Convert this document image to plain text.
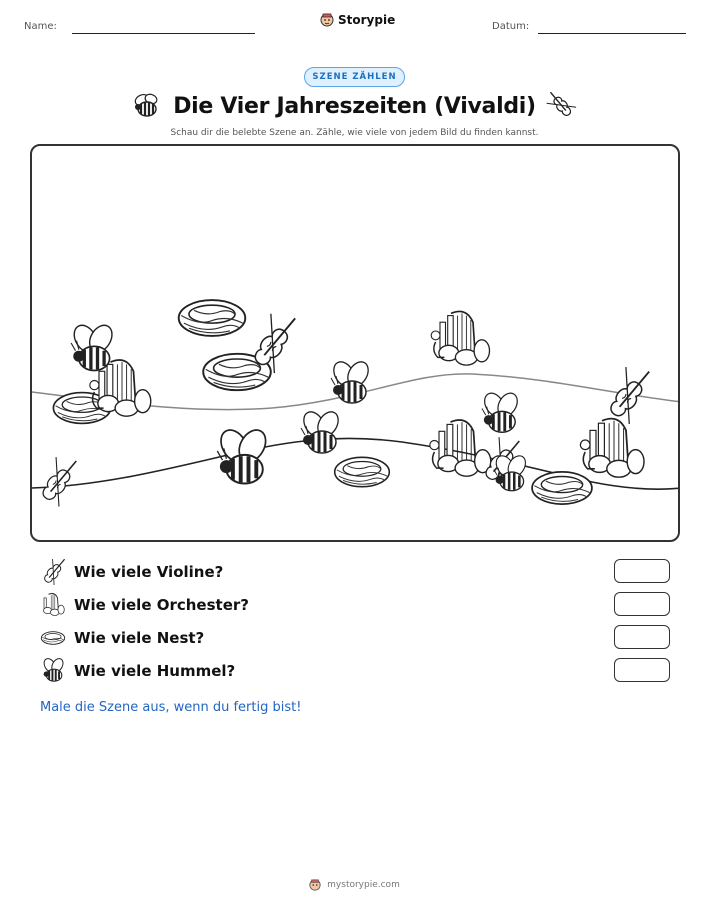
Name:	Storypie	Datum:
SZENE ZÄHLEN
Die Vier Jahreszeiten (Vivaldi)
Schau dir die belebte Szene an. Zähle, wie viele von jedem Bild du finden kannst.
Wie viele Violine?
Wie viele Orchester?
Wie viele Nest?
Wie viele Hummel?
Male die Szene aus, wenn du fertig bist!
mystorypie.com
